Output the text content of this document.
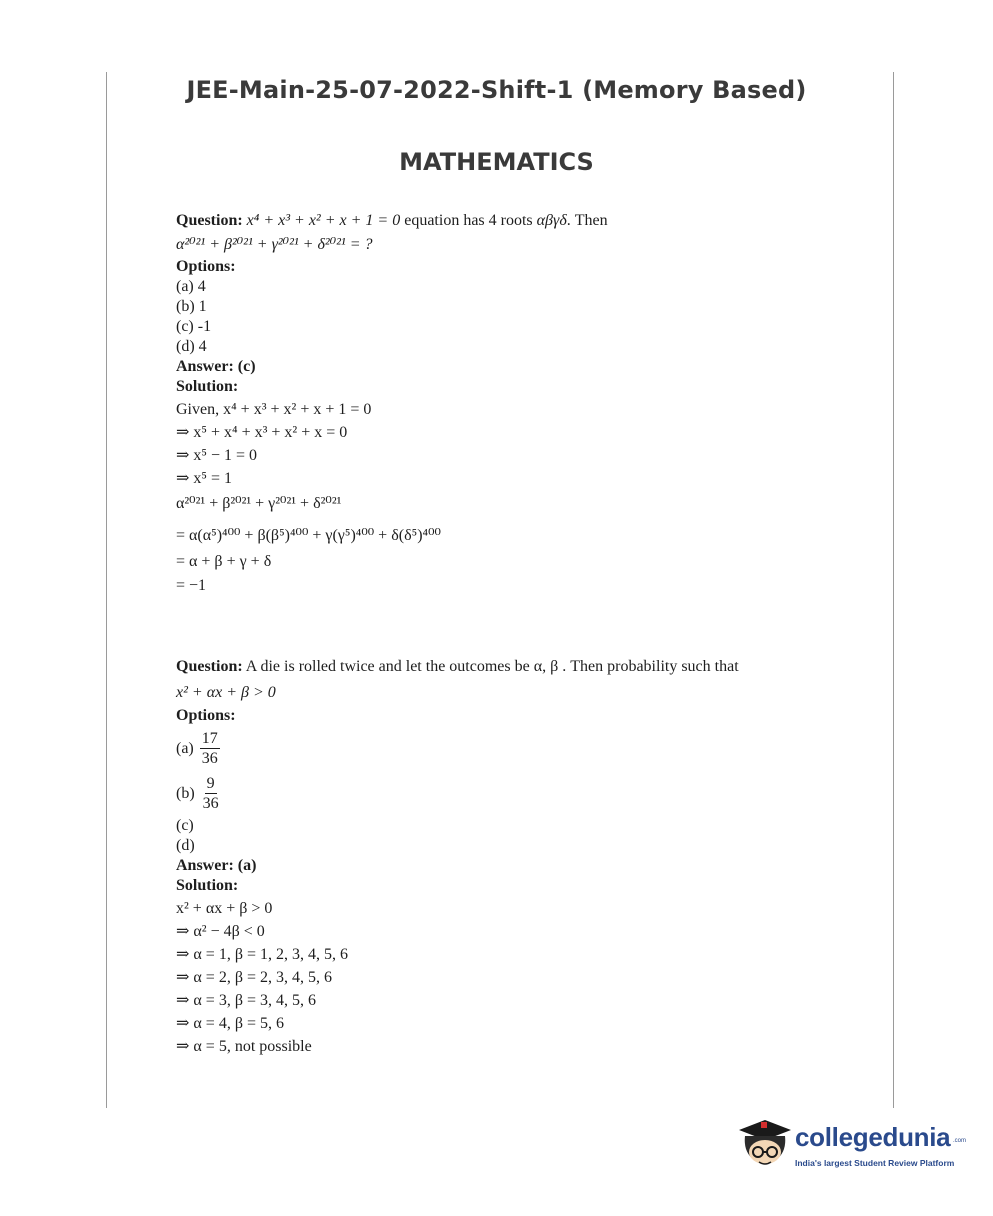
JEE-Main-25-07-2022-Shift-1 (Memory Based)
MATHEMATICS
Question: x⁴ + x³ + x² + x + 1 = 0 equation has 4 roots αβγδ. Then
α²⁰²¹ + β²⁰²¹ + γ²⁰²¹ + δ²⁰²¹ = ?
Options:
(a) 4
(b) 1
(c) -1
(d) 4
Answer: (c)
Solution:
Given, x⁴ + x³ + x² + x + 1 = 0
⇒ x⁵ + x⁴ + x³ + x² + x = 0
⇒ x⁵ − 1 = 0
⇒ x⁵ = 1
α²⁰²¹ + β²⁰²¹ + γ²⁰²¹ + δ²⁰²¹
= α(α⁵)⁴⁰⁰ + β(β⁵)⁴⁰⁰ + γ(γ⁵)⁴⁰⁰ + δ(δ⁵)⁴⁰⁰
= α + β + γ + δ
= −1
Question: A die is rolled twice and let the outcomes be α, β . Then probability such that
x² + αx + β > 0
Options:
$(a) \frac{17}{36}$
$(b) \frac{9}{36}$
(c)
(d)
Answer: (a)
Solution:
x² + αx + β > 0
⇒ α² − 4β < 0
⇒ α = 1, β = 1, 2, 3, 4, 5, 6
⇒ α = 2, β = 2, 3, 4, 5, 6
⇒ α = 3, β = 3, 4, 5, 6
⇒ α = 4, β = 5, 6
⇒ α = 5, not possible
collegedunia .com
India's largest Student Review Platform
